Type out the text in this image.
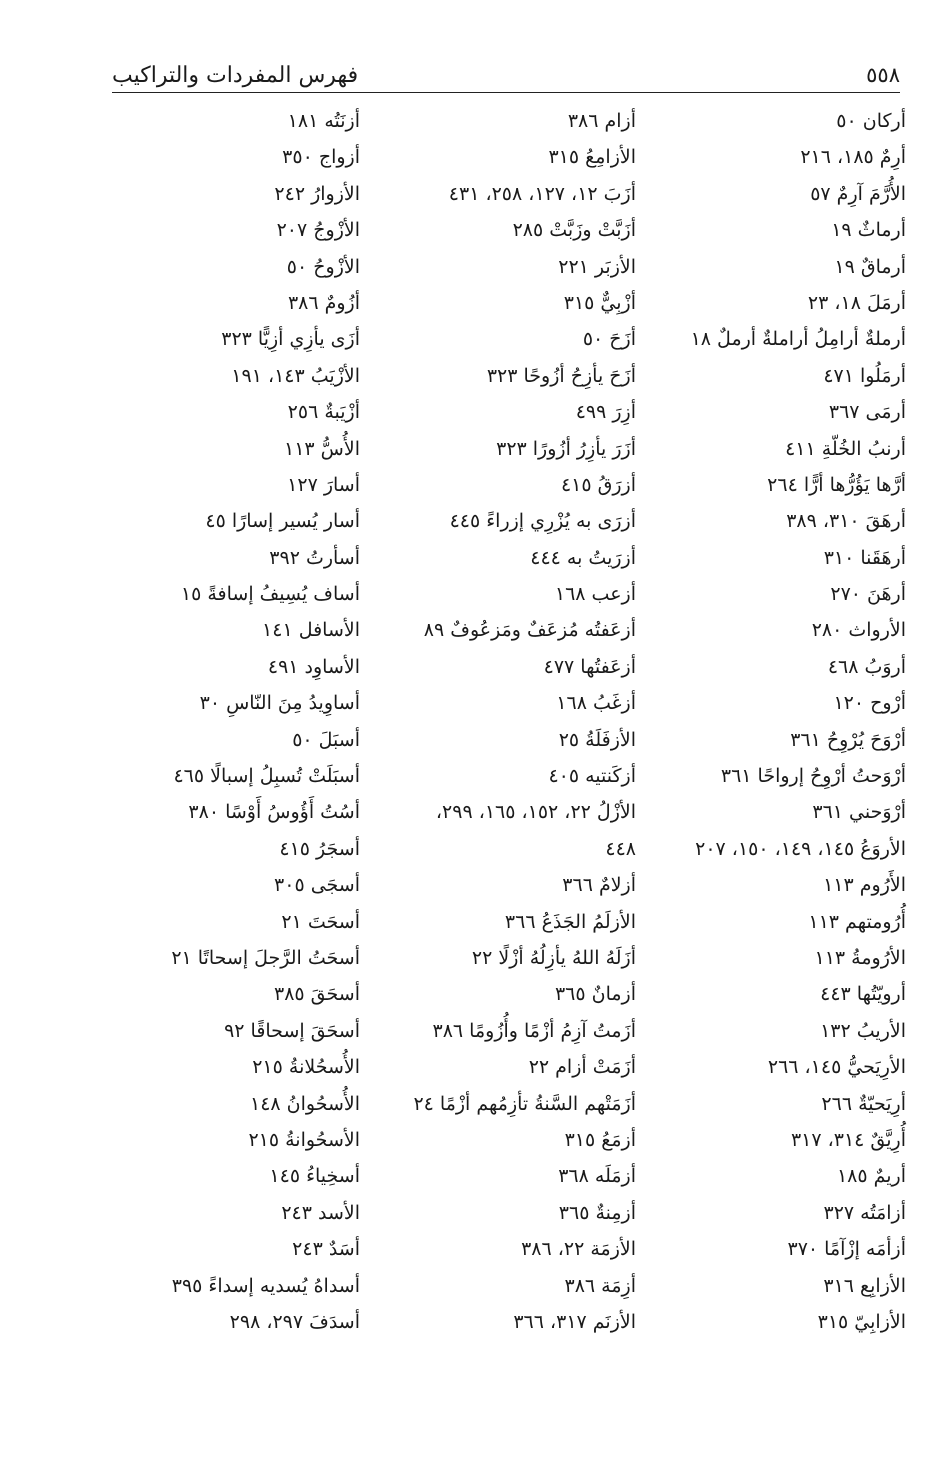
فهرس المفردات والتراكيب	٥٥٨
أركان ٥٠
أرِمٌ ١٨٥، ٢١٦
الأُرَّمَ آرِمٌ ٥٧
أرماثٌ ١٩
أرماقٌ ١٩
أرمَلَ ١٨، ٢٣
أرملةٌ أرامِلُ أراملةٌ أرملٌ ١٨
أرمَلُوا ٤٧١
أرمَى ٣٦٧
أرنبُ الخُلّةِ ٤١١
أرَّها يَؤُرُّها أرًّا ٢٦٤
أرهَقَ ٣١٠، ٣٨٩
أرهَقَنا ٣١٠
أرهَنَ ٢٧٠
الأرواث ٢٨٠
أروَبُ ٤٦٨
أرْوح ١٢٠
أرْوَحَ يُرْوِحُ ٣٦١
أرْوَحتُ أرْوِحُ إرواحًا ٣٦١
أرْوَحني ٣٦١
الأروَعُ ١٤٥، ١٤٩، ١٥٠، ٢٠٧
الأَرُوم ١١٣
أُرُومتهم ١١٣
الأرُومةُ ١١٣
أرويّتُها ٤٤٣
الأريبُ ١٣٢
الأرِيَحيُّ ١٤٥، ٢٦٦
أرِيَحيّةٌ ٢٦٦
أُرِيَّقٌ ٣١٤، ٣١٧
أريمٌ ١٨٥
أزامَتُه ٣٢٧
أزأمَه إزْآمًا ٣٧٠
الأزابِع ٣١٦
الأزابِيّ ٣١٥
أزام ٣٨٦
الأزامِعُ ٣١٥
أزَبَ ١٢، ١٢٧، ٢٥٨، ٤٣١
أزَبَّتْ وزَبَّتْ ٢٨٥
الأزبَر ٢٢١
أزْبِيٌّ ٣١٥
أزَحَ ٥٠
أزَحَ يأزِحُ أزُوحًا ٣٢٣
أزِرَ ٤٩٩
أزَرَ يأزِرُ أزُورًا ٣٢٣
أزرَقُ ٤١٥
أزرَى به يُزْرِي إزراءً ٤٤٥
أزرَيتُ به ٤٤٤
أزعب ١٦٨
أزعَفتُه مُزعَفٌ ومَزعُوفٌ ٨٩
أزعَفتُها ٤٧٧
أزغَبُ ١٦٨
الأزفَلَةُ ٢٥
أزكَنتيه ٤٠٥
الأزْلُ ٢٢، ١٥٢، ١٦٥، ٢٩٩،
٤٤٨
أزلامٌ ٣٦٦
الأزلَمُ الجَذَعُ ٣٦٦
أزَلَهُ اللهُ يأزِلُهُ أزْلًا ٢٢
أزمانٌ ٣٦٥
أزَمتُ آزِمُ أزْمًا وأُزُومًا ٣٨٦
أزَمَتْ أزام ٢٢
أزَمَتْهم السَّنةُ تأزِمُهم أزْمًا ٢٤
أزمَعُ ٣١٥
أزمَلَه ٣٦٨
أزمِنةٌ ٣٦٥
الأزمَة ٢٢، ٣٨٦
أزِمَة ٣٨٦
الأزنَم ٣١٧، ٣٦٦
أزنَتُه ١٨١
أزواج ٣٥٠
الأزوارُ ٢٤٢
الأزْوجُ ٢٠٧
الأزْوحُ ٥٠
أزُومٌ ٣٨٦
أزَى يأزِي أزِيًّا ٣٢٣
الأزْيَبُ ١٤٣، ١٩١
أزْيَبةٌ ٢٥٦
الأُسُّ ١١٣
أسارَ ١٢٧
أسار يُسير إسارًا ٤٥
أسأرتُ ٣٩٢
أساف يُسِيفُ إسافةً ١٥
الأسافل ١٤١
الأساوِد ٤٩١
أساوِيدُ مِنَ النّاسِ ٣٠
أسبَلَ ٥٠
أسبَلَتْ تُسبِلُ إسبالًا ٤٦٥
أسُتُ أَؤُوسُ أَوْسًا ٣٨٠
أسجَرُ ٤١٥
أسجَى ٣٠٥
أسحَتَ ٢١
أسحَتُ الرَّجلَ إسحاتًا ٢١
أسحَقَ ٣٨٥
أسحَقَ إسحاقًا ٩٢
الأُسحُلانةُ ٢١٥
الأُسحُوانُ ١٤٨
الأسحُوانةُ ٢١٥
أسخِياءُ ١٤٥
الأسد ٢٤٣
أسَدٌ ٢٤٣
أسداهُ يُسديه إسداءً ٣٩٥
أسدَفَ ٢٩٧، ٢٩٨
